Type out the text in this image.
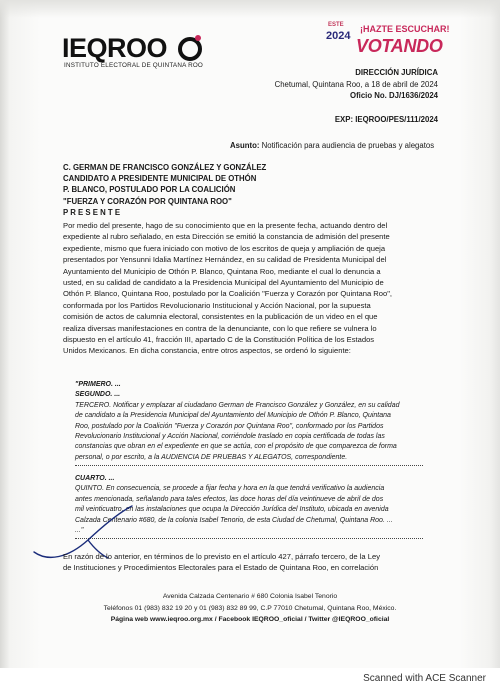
IEQROO
INSTITUTO ELECTORAL DE QUINTANA ROO
ESTE
2024
¡HAZTE ESCUCHAR!
VOTANDO
DIRECCIÓN JURÍDICA
Chetumal, Quintana Roo, a 18 de abril de 2024
Oficio No. DJ/1636/2024
EXP: IEQROO/PES/111/2024
Asunto: Notificación para audiencia de pruebas y alegatos
C. GERMAN DE FRANCISCO GONZÁLEZ Y GONZÁLEZ
CANDIDATO A PRESIDENTE MUNICIPAL DE OTHÓN
P. BLANCO, POSTULADO POR LA COALICIÓN
"FUERZA Y CORAZÓN POR QUINTANA ROO"
P R E S E N T E
Por medio del presente, hago de su conocimiento que en la presente fecha, actuando dentro del
expediente al rubro señalado, en esta Dirección se emitió la constancia de admisión del presente
expediente, mismo que fuera iniciado con motivo de los escritos de queja y ampliación de queja
presentados por Yensunni Idalia Martínez Hernández, en su calidad de Presidenta Municipal del
Ayuntamiento del Municipio de Othón P. Blanco, Quintana Roo, mediante el cual lo denuncia a
usted, en su calidad de candidato a la Presidencia Municipal del Ayuntamiento del Municipio de
Othón P. Blanco, Quintana Roo, postulado por la Coalición "Fuerza y Corazón por Quintana Roo",
conformada por los Partidos Revolucionario Institucional y Acción Nacional, por la supuesta
comisión de actos de calumnia electoral, consistentes en la publicación de un video en el que
realiza diversas manifestaciones en contra de la denunciante, con lo que refiere se vulnera lo
dispuesto en el artículo 41, fracción III, apartado C de la Constitución Política de los Estados
Unidos Mexicanos. En dicha constancia, entre otros aspectos, se ordenó lo siguiente:
"PRIMERO. ...
SEGUNDO. ...
TERCERO. Notificar y emplazar al ciudadano German de Francisco González y González, en su calidad
de candidato a la Presidencia Municipal del Ayuntamiento del Municipio de Othón P. Blanco, Quintana
Roo, postulado por la Coalición "Fuerza y Corazón por Quintana Roo", conformado por los Partidos
Revolucionario Institucional y Acción Nacional, corriéndole traslado en copia certificada de todas las
constancias que obran en el expediente en que se actúa, con el propósito de que comparezca de forma
personal, o por escrito, a la AUDIENCIA DE PRUEBAS Y ALEGATOS, correspondiente.
CUARTO. ...
QUINTO. En consecuencia, se procede a fijar fecha y hora en la que tendrá verificativo la audiencia
antes mencionada, señalando para tales efectos, las doce horas del día veintinueve de abril de dos
mil veinticuatro, en las instalaciones que ocupa la Dirección Jurídica del Instituto, ubicada en avenida
Calzada Centenario #680, de la colonia Isabel Tenorio, de esta Ciudad de Chetumal, Quintana Roo. ...
..."
En razón de lo anterior, en términos de lo previsto en el artículo 427, párrafo tercero, de la Ley
de Instituciones y Procedimientos Electorales para el Estado de Quintana Roo, en correlación
Avenida Calzada Centenario # 680 Colonia Isabel Tenorio
Teléfonos 01 (983) 832 19 20 y 01 (983) 832 89 99, C.P 77010 Chetumal, Quintana Roo, México.
Página web www.ieqroo.org.mx / Facebook IEQROO_oficial / Twitter @IEQROO_oficial
Scanned with ACE Scanner
